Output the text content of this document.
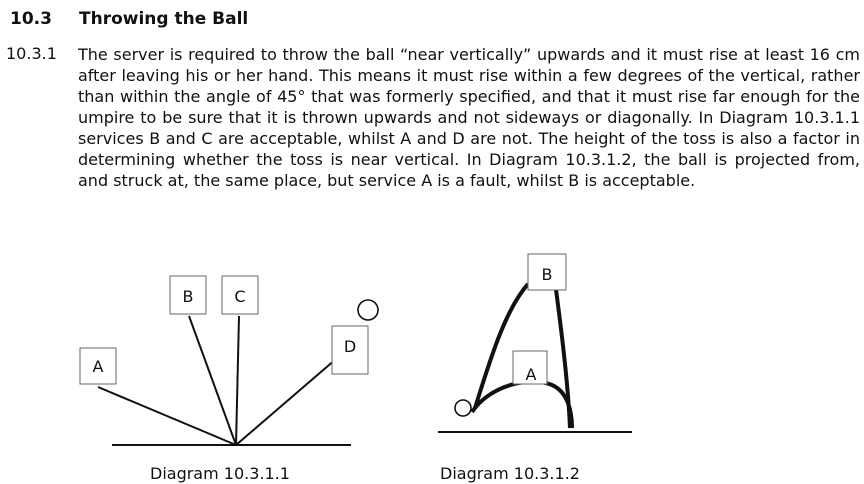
10.3 Throwing the Ball
10.3.1 The server is required to throw the ball “near vertically” upwards and it must rise at least 16 cm after leaving his or her hand. This means it must rise within a few degrees of the vertical, rather than within the angle of 45° that was formerly specified, and that it must rise far enough for the umpire to be sure that it is thrown upwards and not sideways or diagonally. In Diagram 10.3.1.1 services B and C are acceptable, whilst A and D are not. The height of the toss is also a factor in determining whether the toss is near vertical. In Diagram 10.3.1.2, the ball is projected from, and struck at, the same place, but service A is a fault, whilst B is acceptable.
A
B	C
D
B
A
Diagram 10.3.1.1	Diagram 10.3.1.2
